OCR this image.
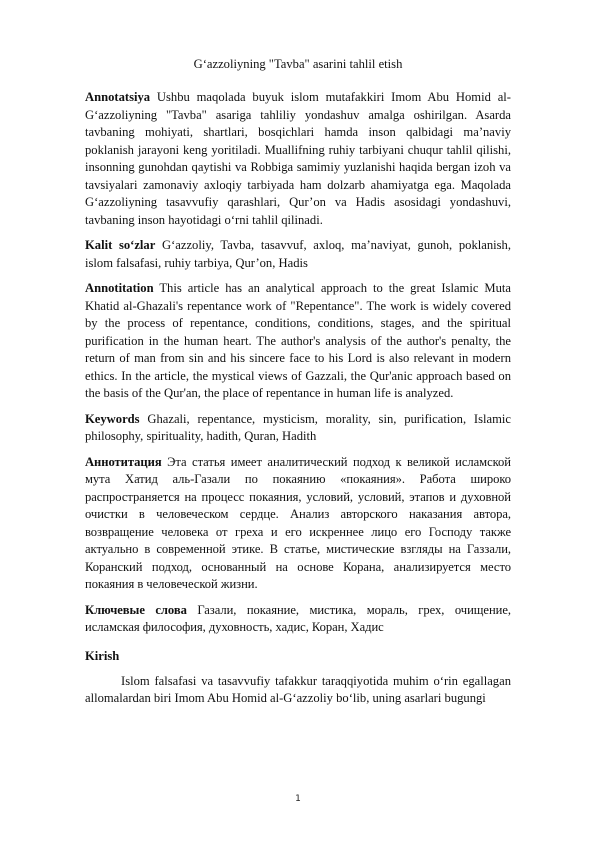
G‘azzoliyning "Tavba" asarini tahlil etish

Annotatsiya Ushbu maqolada buyuk islom mutafakkiri Imom Abu Homid al-G‘azzoliyning "Tavba" asariga tahliliy yondashuv amalga oshirilgan. Asarda tavbaning mohiyati, shartlari, bosqichlari hamda inson qalbidagi ma’naviy poklanish jarayoni keng yoritiladi. Muallifning ruhiy tarbiyani chuqur tahlil qilishi, insonning gunohdan qaytishi va Robbiga samimiy yuzlanishi haqida bergan izoh va tavsiyalari zamonaviy axloqiy tarbiyada ham dolzarb ahamiyatga ega. Maqolada G‘azzoliyning tasavvufiy qarashlari, Qur’on va Hadis asosidagi yondashuvi, tavbaning inson hayotidagi o‘rni tahlil qilinadi.

Kalit so‘zlar G‘azzoliy, Tavba, tasavvuf, axloq, ma’naviyat, gunoh, poklanish, islom falsafasi, ruhiy tarbiya, Qur’on, Hadis

Annotitation This article has an analytical approach to the great Islamic Muta Khatid al-Ghazali's repentance work of "Repentance". The work is widely covered by the process of repentance, conditions, conditions, stages, and the spiritual purification in the human heart. The author's analysis of the author's penalty, the return of man from sin and his sincere face to his Lord is also relevant in modern ethics. In the article, the mystical views of Gazzali, the Qur'anic approach based on the basis of the Qur'an, the place of repentance in human life is analyzed.

Keywords Ghazali, repentance, mysticism, morality, sin, purification, Islamic philosophy, spirituality, hadith, Quran, Hadith

Аннотитация Эта статья имеет аналитический подход к великой исламской мута Хатид аль-Газали по покаянию «покаяния». Работа широко распространяется на процесс покаяния, условий, условий, этапов и духовной очистки в человеческом сердце. Анализ авторского наказания автора, возвращение человека от греха и его искреннее лицо его Господу также актуально в современной этике. В статье, мистические взгляды на Газзали, Коранский подход, основанный на основе Корана, анализируется место покаяния в человеческой жизни.

Ключевые слова Газали, покаяние, мистика, мораль, грех, очищение, исламская философия, духовность, хадис, Коран, Хадис

Kirish

Islom falsafasi va tasavvufiy tafakkur taraqqiyotida muhim o‘rin egallagan allomalardan biri Imom Abu Homid al-G‘azzoliy bo‘lib, uning asarlari bugungi

1
